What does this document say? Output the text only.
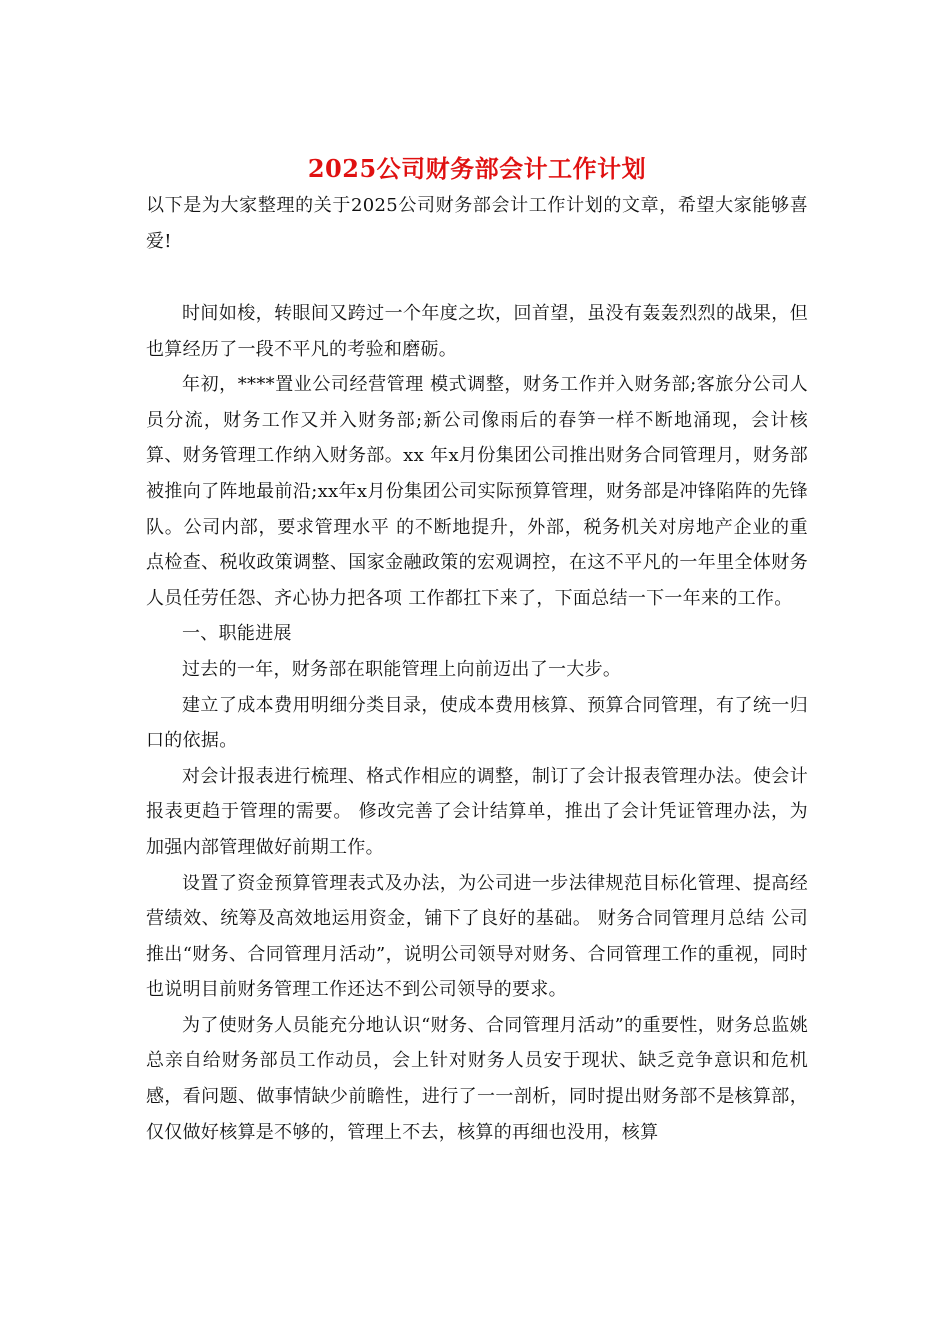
2025公司财务部会计工作计划

以下是为大家整理的关于2025公司财务部会计工作计划的文章，希望大家能够喜爱!

时间如梭，转眼间又跨过一个年度之坎，回首望，虽没有轰轰烈烈的战果，但也算经历了一段不平凡的考验和磨砺。

年初，****置业公司经营管理 模式调整，财务工作并入财务部;客旅分公司人员分流，财务工作又并入财务部;新公司像雨后的春笋一样不断地涌现，会计核算、财务管理工作纳入财务部。xx 年x月份集团公司推出财务合同管理月，财务部被推向了阵地最前沿;xx年x月份集团公司实际预算管理，财务部是冲锋陷阵的先锋队。公司内部，要求管理水平 的不断地提升，外部，税务机关对房地产企业的重点检查、税收政策调整、国家金融政策的宏观调控，在这不平凡的一年里全体财务人员任劳任怨、齐心协力把各项 工作都扛下来了，下面总结一下一年来的工作。

一、职能进展

过去的一年，财务部在职能管理上向前迈出了一大步。

建立了成本费用明细分类目录，使成本费用核算、预算合同管理，有了统一归口的依据。

对会计报表进行梳理、格式作相应的调整，制订了会计报表管理办法。使会计报表更趋于管理的需要。 修改完善了会计结算单，推出了会计凭证管理办法，为加强内部管理做好前期工作。

设置了资金预算管理表式及办法，为公司进一步法律规范目标化管理、提高经营绩效、统筹及高效地运用资金，铺下了良好的基础。 财务合同管理月总结 公司推出“财务、合同管理月活动”，说明公司领导对财务、合同管理工作的重视，同时也说明目前财务管理工作还达不到公司领导的要求。

为了使财务人员能充分地认识“财务、合同管理月活动”的重要性，财务总监姚总亲自给财务部员工作动员，会上针对财务人员安于现状、缺乏竞争意识和危机 感，看问题、做事情缺少前瞻性，进行了一一剖析，同时提出财务部不是核算部，仅仅做好核算是不够的，管理上不去，核算的再细也没用，核算
